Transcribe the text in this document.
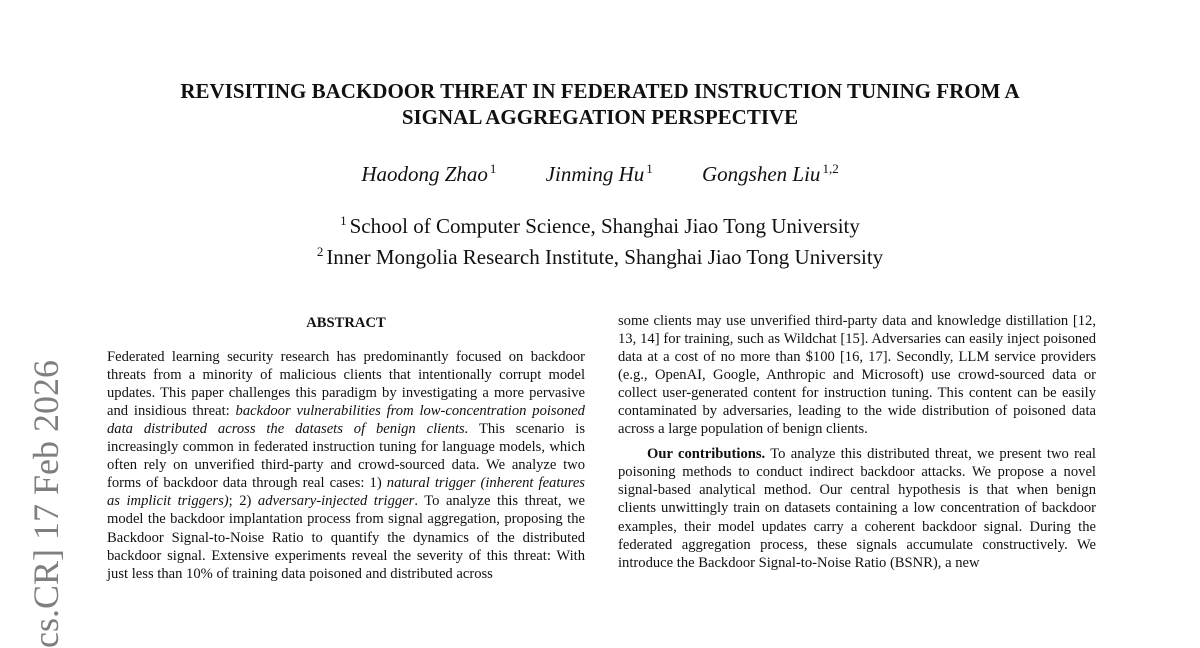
REVISITING BACKDOOR THREAT IN FEDERATED INSTRUCTION TUNING FROM A
SIGNAL AGGREGATION PERSPECTIVE
Haodong Zhao $^1$ Jinming Hu $^1$ Gongshen Liu $^{1,2}$
$^1$ School of Computer Science, Shanghai Jiao Tong University
$^2$ Inner Mongolia Research Institute, Shanghai Jiao Tong University
cs.CR] 17 Feb 2026
ABSTRACT

Federated learning security research has predominantly focused on backdoor threats from a minority of malicious clients that intentionally corrupt model updates. This paper challenges this paradigm by investigating a more pervasive and insidious threat: backdoor vulnerabilities from low-concentration poisoned data distributed across the datasets of benign clients. This scenario is increasingly common in federated instruction tuning for language models, which often rely on unverified third-party and crowd-sourced data. We analyze two forms of backdoor data through real cases: 1) natural trigger (inherent features as implicit triggers); 2) adversary-injected trigger. To analyze this threat, we model the backdoor implantation process from signal aggregation, proposing the Backdoor Signal-to-Noise Ratio to quantify the dynamics of the distributed backdoor signal. Extensive experiments reveal the severity of this threat: With just less than 10% of training data poisoned and distributed across

some clients may use unverified third-party data and knowledge distillation [12, 13, 14] for training, such as Wildchat [15]. Adversaries can easily inject poisoned data at a cost of no more than $100 [16, 17]. Secondly, LLM service providers (e.g., OpenAI, Google, Anthropic and Microsoft) use crowd-sourced data or collect user-generated content for instruction tuning. This content can be easily contaminated by adversaries, leading to the wide distribution of poisoned data across a large population of benign clients.

Our contributions. To analyze this distributed threat, we present two real poisoning methods to conduct indirect backdoor attacks. We propose a novel signal-based analytical method. Our central hypothesis is that when benign clients unwittingly train on datasets containing a low concentration of backdoor examples, their model updates carry a coherent backdoor signal. During the federated aggregation process, these signals accumulate constructively. We introduce the Backdoor Signal-to-Noise Ratio (BSNR), a new
